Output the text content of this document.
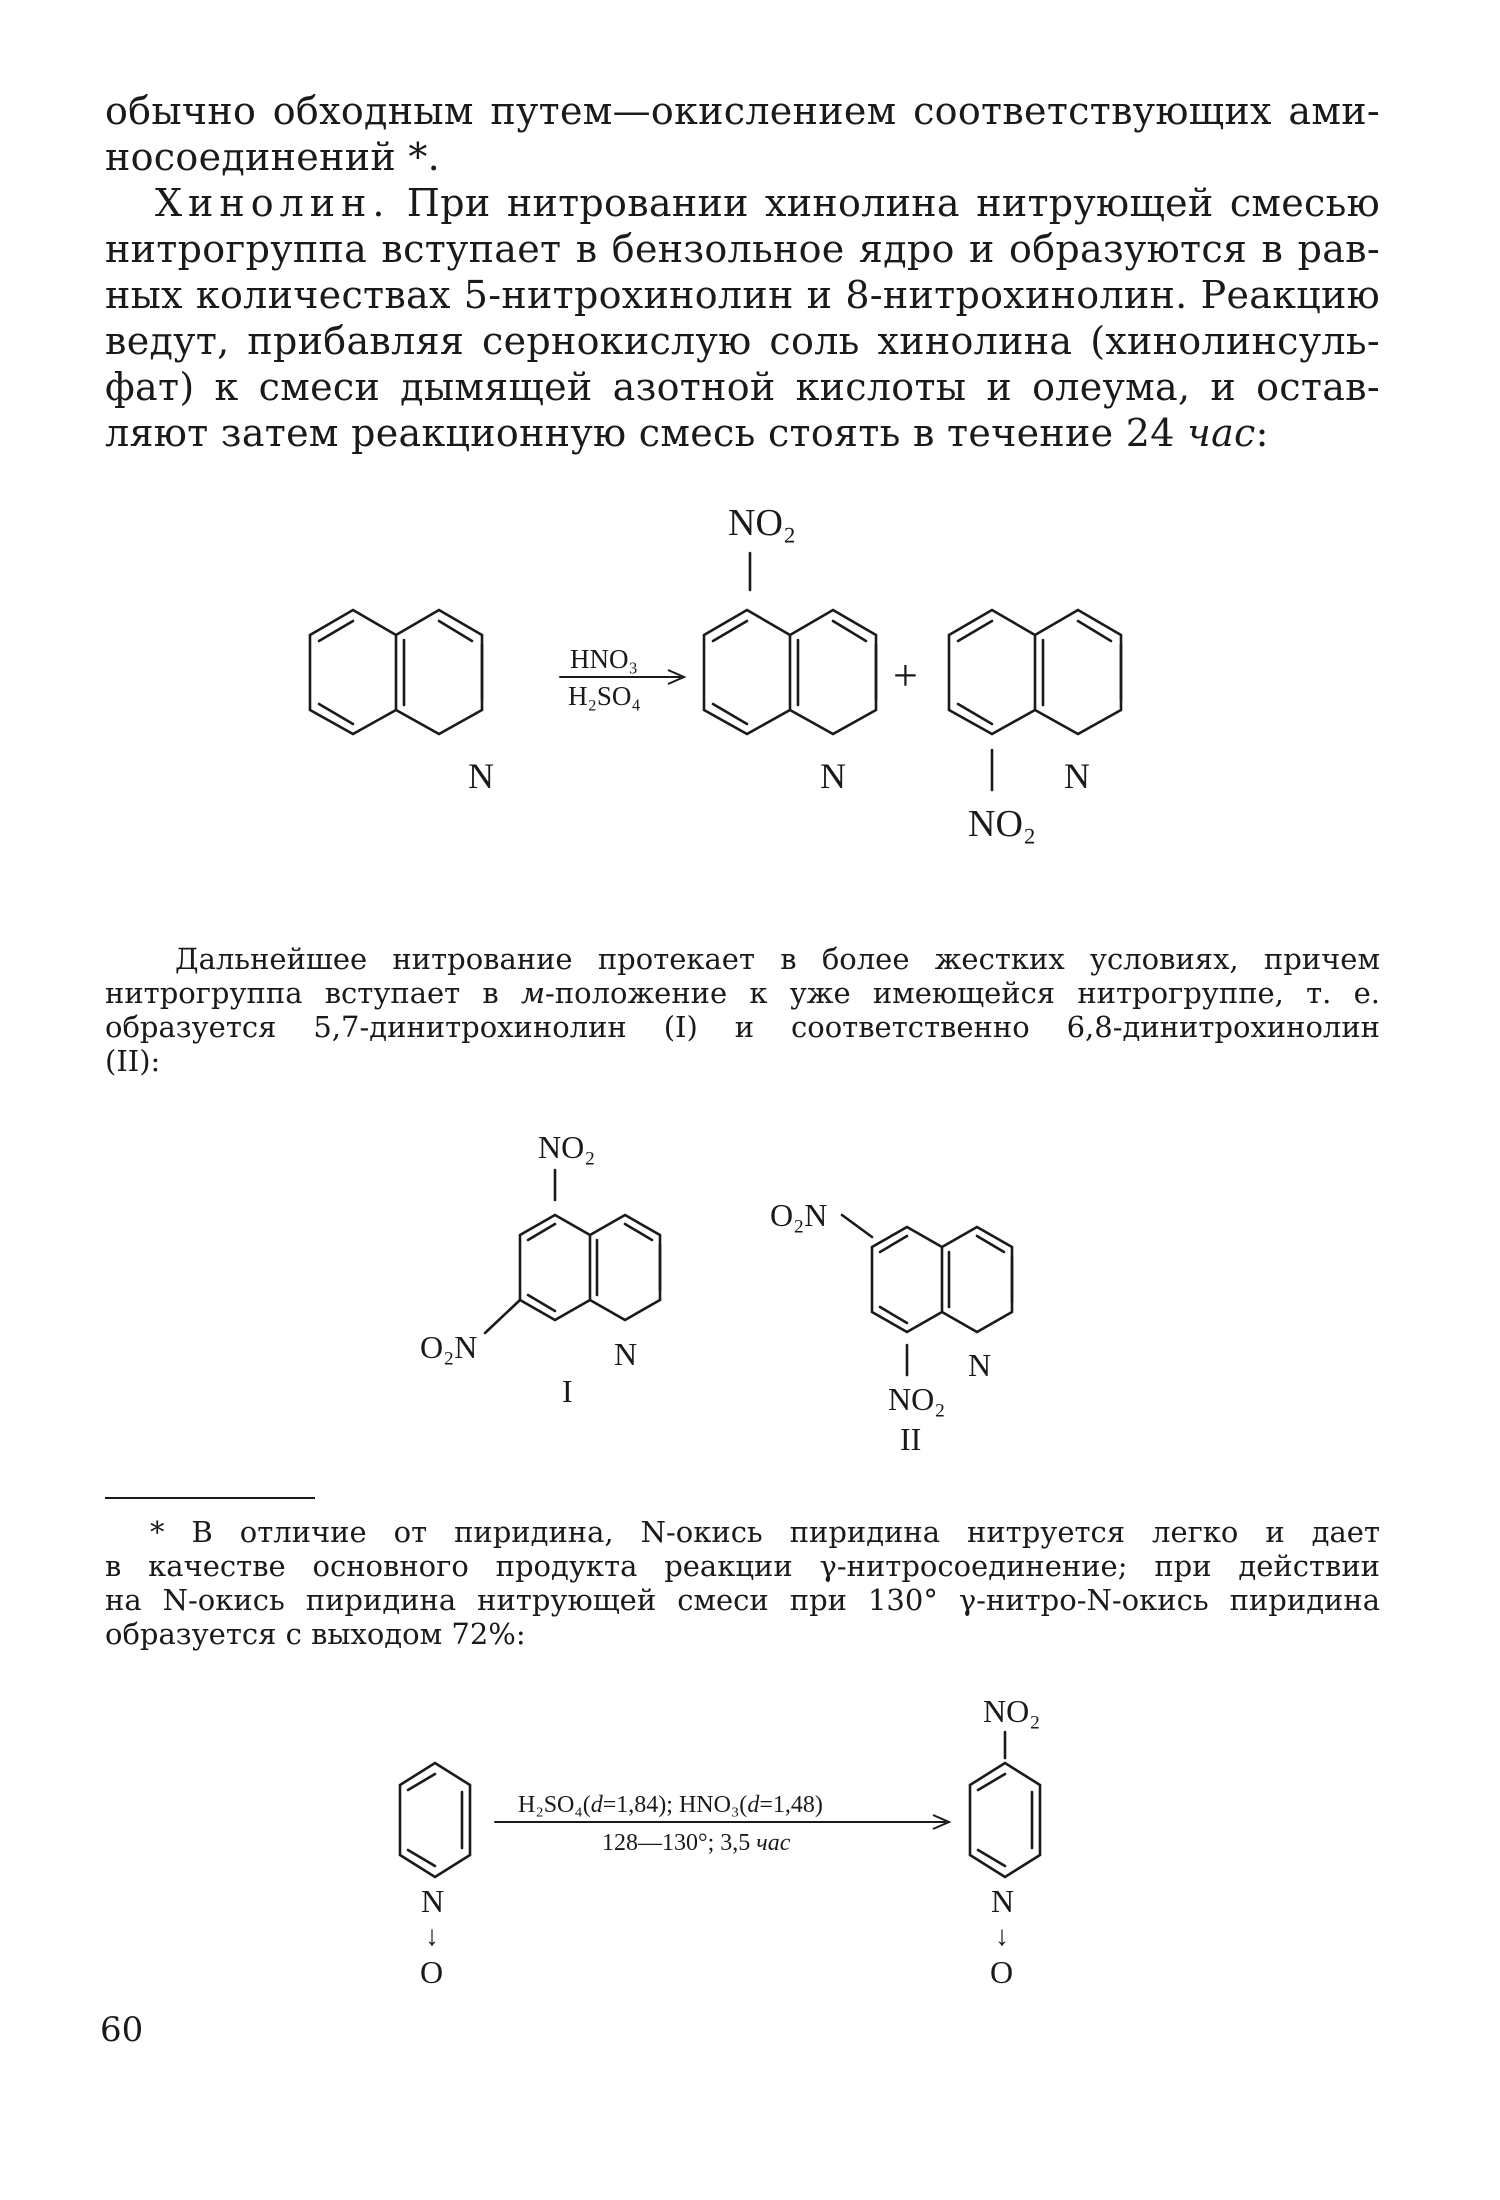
обычно обходным путем—окислением соответствующих ами-
носоединений *.
Хинолин. При нитровании хинолина нитрующей смесью
нитрогруппа вступает в бензольное ядро и образуются в рав-
ных количествах 5-нитрохинолин и 8-нитрохинолин. Реакцию
ведут, прибавляя сернокислую соль хинолина (хинолинсуль-
фат) к смеси дымящей азотной кислоты и олеума, и остав-
ляют затем реакционную смесь стоять в течение 24 час:
N
HNO₃
H₂SO₄
NO₂
N
+
N
NO₂
Дальнейшее нитрование протекает в более жестких условиях, причем
нитрогруппа вступает в м-положение к уже имеющейся нитрогруппе, т. е.
образуется 5,7-динитрохинолин (I) и соответственно 6,8-динитрохинолин
(II):
NO₂
O₂N	N
I
O₂N
N
NO₂
II
* В отличие от пиридина, N-окись пиридина нитруется легко и дает
в качестве основного продукта реакции γ-нитросоединение; при действии
на N-окись пиридина нитрующей смеси при 130° γ-нитро-N-окись пиридина
образуется с выходом 72%:
N
↓
O
H₂SO₄(d=1,84); HNO₃(d=1,48)
128—130°; 3,5 час
NO₂
N
↓
O
60
